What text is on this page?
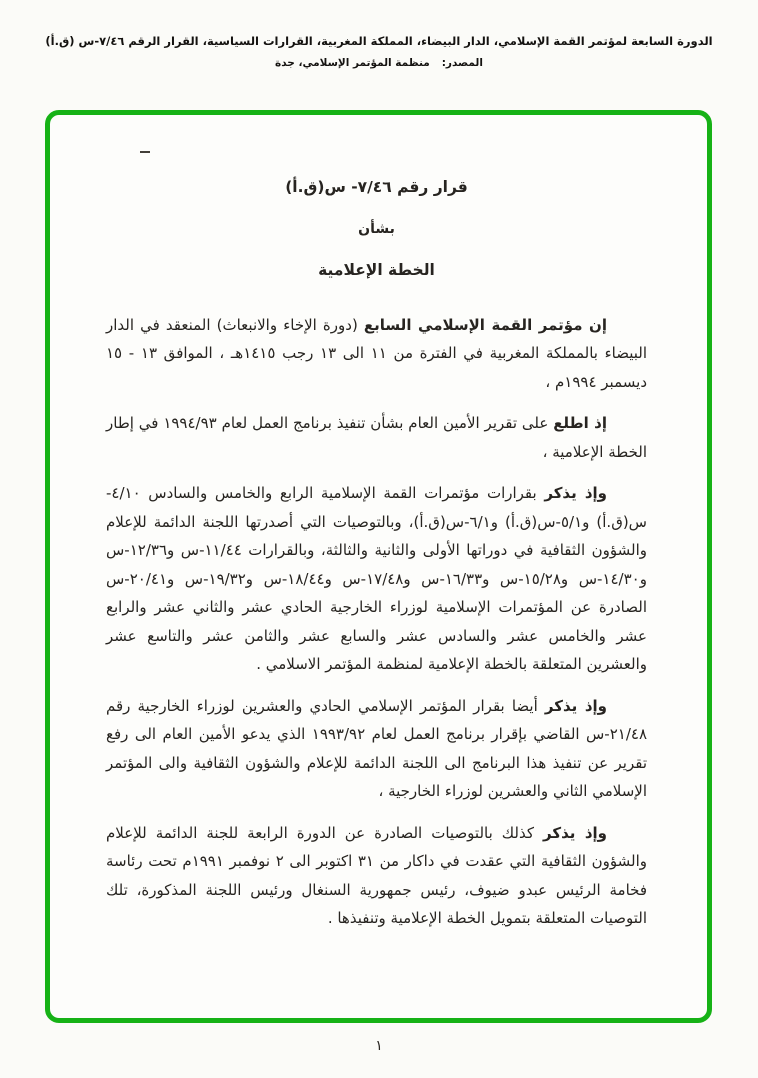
الدورة السابعة لمؤتمر القمة الإسلامي، الدار البيضاء، المملكة المغربية، القرارات السياسية، القرار الرقم ٧/٤٦-س (ق.أ)
المصدر:منظمة المؤتمر الإسلامي، جدة
قرار رقم ٧/٤٦- س(ق.أ)
بشأن
الخطة الإعلامية

إن مؤتمر القمة الإسلامي السابع (دورة الإخاء والانبعاث) المنعقد في الدار البيضاء بالمملكة المغربية في الفترة من ١١ الى ١٣ رجب ١٤١٥هـ ، الموافق ١٣ - ١٥ ديسمبر ١٩٩٤م ،

إذ اطلع على تقرير الأمين العام بشأن تنفيذ برنامج العمل لعام ١٩٩٤/٩٣ في إطار الخطة الإعلامية ،

وإذ يذكر بقرارات مؤتمرات القمة الإسلامية الرابع والخامس والسادس ٤/١٠-س(ق.أ) و٥/١-س(ق.أ) و٦/١-س(ق.أ)، وبالتوصيات التي أصدرتها اللجنة الدائمة للإعلام والشؤون الثقافية في دوراتها الأولى والثانية والثالثة، وبالقرارات ١١/٤٤-س و١٢/٣٦-س و١٤/٣٠-س و١٥/٢٨-س و١٦/٣٣-س و١٧/٤٨-س و١٨/٤٤-س و١٩/٣٢-س و٢٠/٤١-س الصادرة عن المؤتمرات الإسلامية لوزراء الخارجية الحادي عشر والثاني عشر والرابع عشر والخامس عشر والسادس عشر والسابع عشر والثامن عشر والتاسع عشر والعشرين المتعلقة بالخطة الإعلامية لمنظمة المؤتمر الاسلامي .

وإذ يذكر أيضا بقرار المؤتمر الإسلامي الحادي والعشرين لوزراء الخارجية رقم ٢١/٤٨-س القاضي بإقرار برنامج العمل لعام ١٩٩٣/٩٢ الذي يدعو الأمين العام الى رفع تقرير عن تنفيذ هذا البرنامج الى اللجنة الدائمة للإعلام والشؤون الثقافية والى المؤتمر الإسلامي الثاني والعشرين لوزراء الخارجية ،

وإذ يذكر كذلك بالتوصيات الصادرة عن الدورة الرابعة للجنة الدائمة للإعلام والشؤون الثقافية التي عقدت في داكار من ٣١ اكتوبر الى ٢ نوفمبر ١٩٩١م تحت رئاسة فخامة الرئيس عبدو ضيوف، رئيس جمهورية السنغال ورئيس اللجنة المذكورة، تلك التوصيات المتعلقة بتمويل الخطة الإعلامية وتنفيذها .

١
